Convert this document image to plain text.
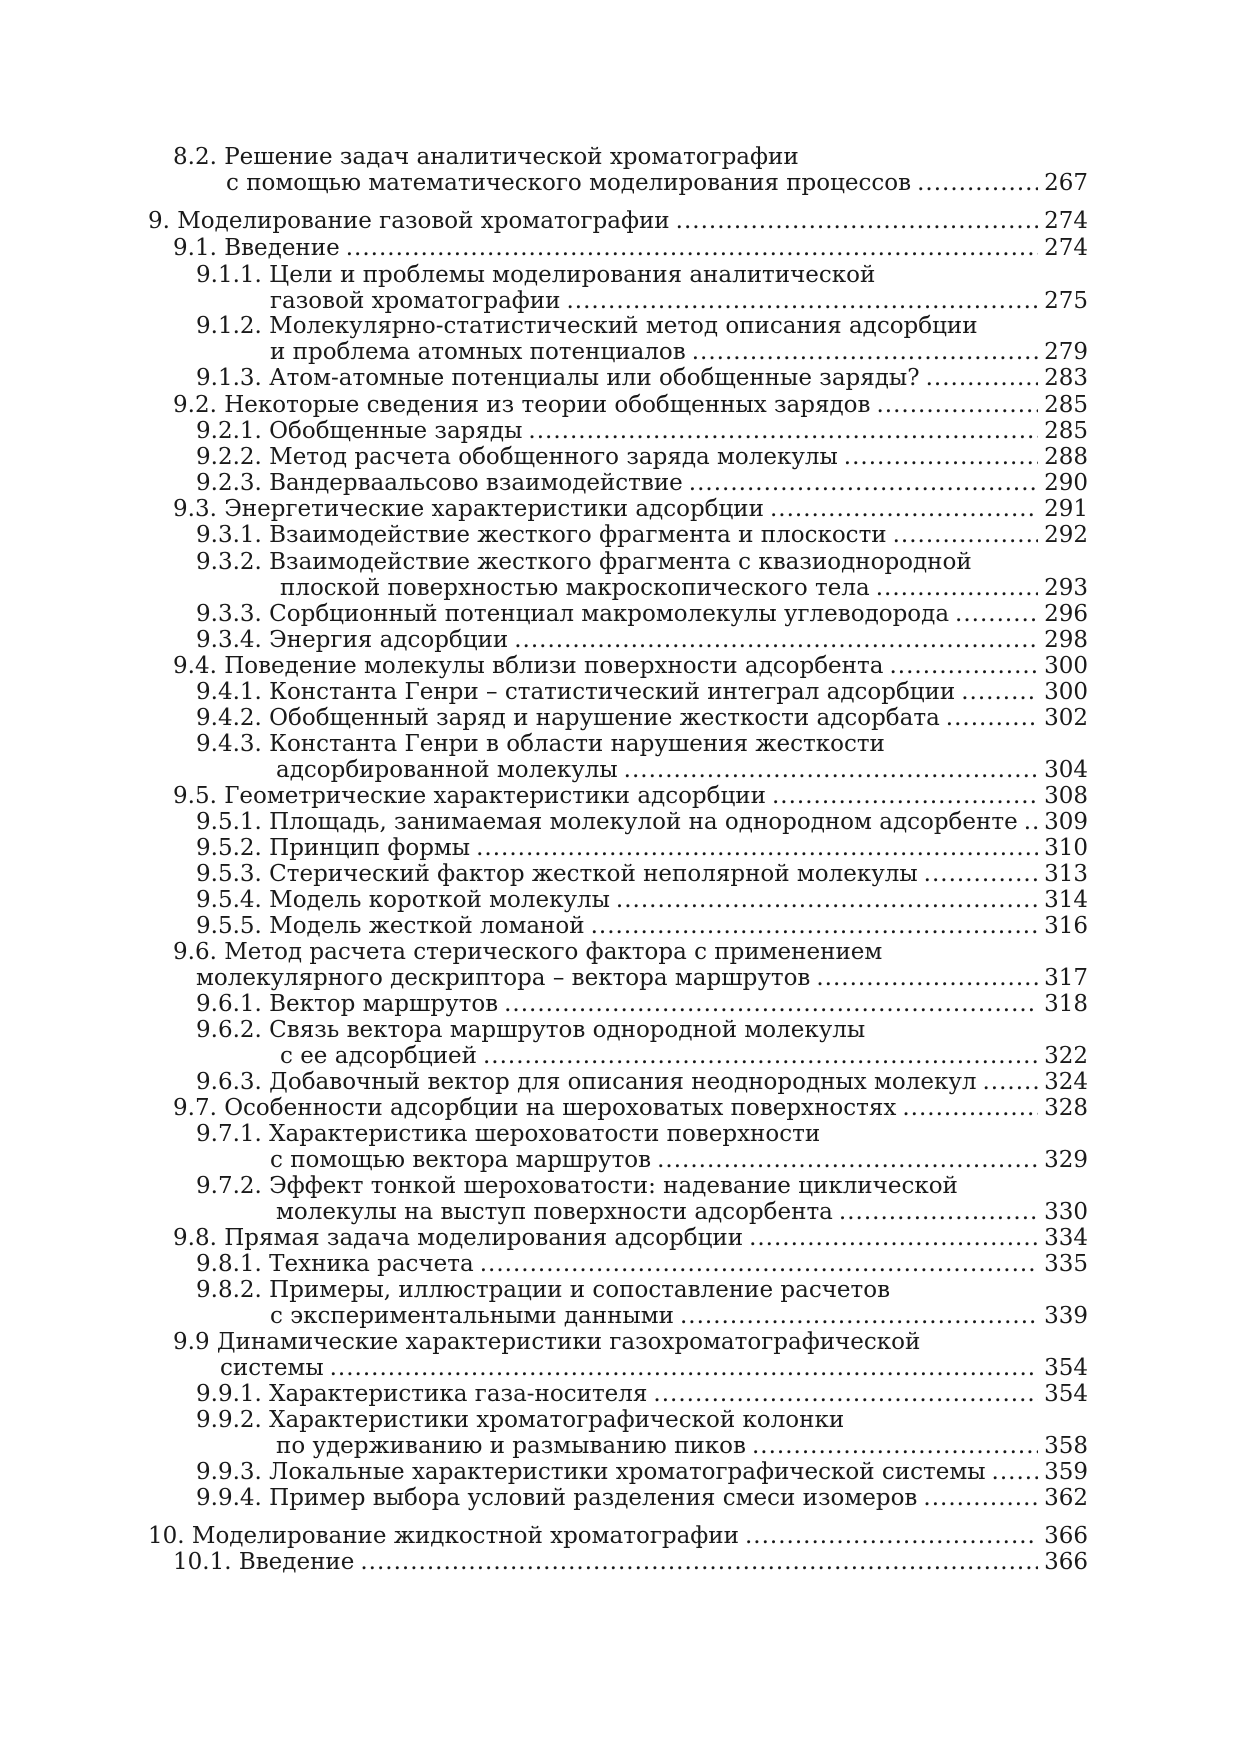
8.2. Решение задач аналитической хроматографии
с помощью математического моделирования процессов .....	267
9. Моделирование газовой хроматографии .....	274
9.1. Введение .....	274
9.1.1. Цели и проблемы моделирования аналитической
газовой хроматографии .....	275
9.1.2. Молекулярно-статистический метод описания адсорбции
и проблема атомных потенциалов .....	279
9.1.3. Атом-атомные потенциалы или обобщенные заряды? .....	283
9.2. Некоторые сведения из теории обобщенных зарядов .....	285
9.2.1. Обобщенные заряды .....	285
9.2.2. Метод расчета обобщенного заряда молекулы .....	288
9.2.3. Вандерваальсово взаимодействие .....	290
9.3. Энергетические характеристики адсорбции .....	291
9.3.1. Взаимодействие жесткого фрагмента и плоскости .....	292
9.3.2. Взаимодействие жесткого фрагмента с квазиоднородной
плоской поверхностью макроскопического тела .....	293
9.3.3. Сорбционный потенциал макромолекулы углеводорода .....	296
9.3.4. Энергия адсорбции .....	298
9.4. Поведение молекулы вблизи поверхности адсорбента .....	300
9.4.1. Константа Генри – статистический интеграл адсорбции .....	300
9.4.2. Обобщенный заряд и нарушение жесткости адсорбата .....	302
9.4.3. Константа Генри в области нарушения жесткости
адсорбированной молекулы .....	304
9.5. Геометрические характеристики адсорбции .....	308
9.5.1. Площадь, занимаемая молекулой на однородном адсорбенте ..... 309
9.5.2. Принцип формы .....	310
9.5.3. Стерический фактор жесткой неполярной молекулы .....	313
9.5.4. Модель короткой молекулы .....	314
9.5.5. Модель жесткой ломаной .....	316
9.6. Метод расчета стерического фактора с применением
молекулярного дескриптора – вектора маршрутов .....	317
9.6.1. Вектор маршрутов .....	318
9.6.2. Связь вектора маршрутов однородной молекулы
с ее адсорбцией .....	322
9.6.3. Добавочный вектор для описания неоднородных молекул .....	324
9.7. Особенности адсорбции на шероховатых поверхностях .....	328
9.7.1. Характеристика шероховатости поверхности
с помощью вектора маршрутов .....	329
9.7.2. Эффект тонкой шероховатости: надевание циклической
молекулы на выступ поверхности адсорбента .....	330
9.8. Прямая задача моделирования адсорбции .....	334
9.8.1. Техника расчета .....	335
9.8.2. Примеры, иллюстрации и сопоставление расчетов
с экспериментальными данными .....	339
9.9 Динамические характеристики газохроматографической
системы .....	354
9.9.1. Характеристика газа-носителя .....	354
9.9.2. Характеристики хроматографической колонки
по удерживанию и размыванию пиков .....	358
9.9.3. Локальные характеристики хроматографической системы .....	359
9.9.4. Пример выбора условий разделения смеси изомеров .....	362
10. Моделирование жидкостной хроматографии .....	366
10.1. Введение .....	366
